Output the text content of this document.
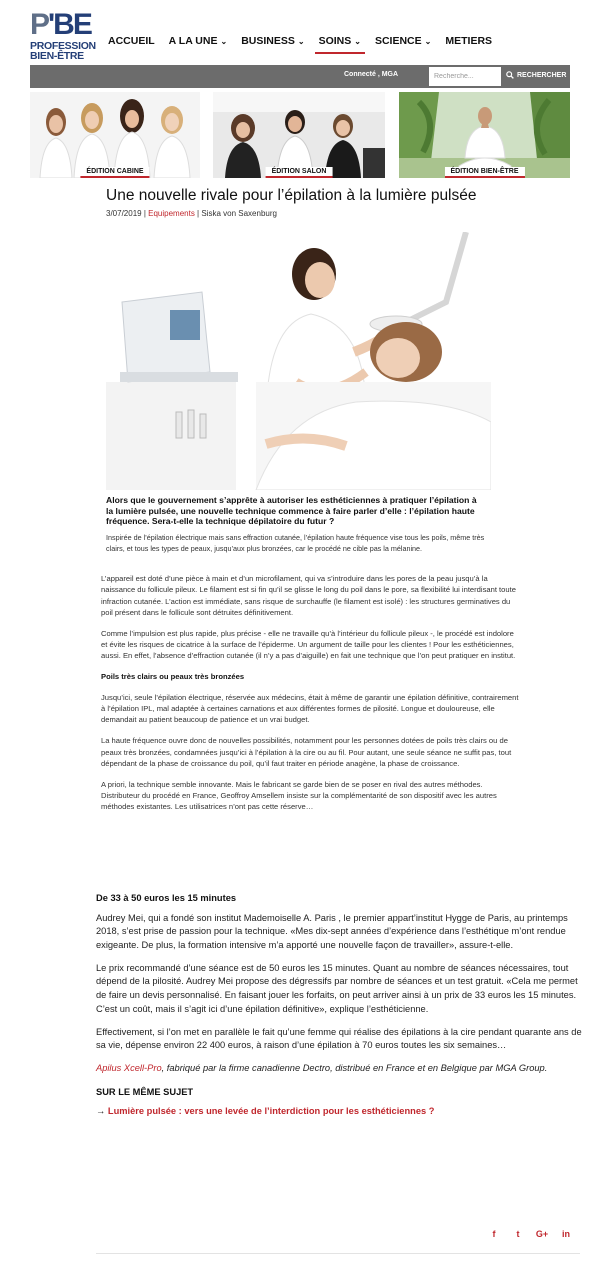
P'BE
PROFESSION
BIEN-ÊTRE
ACCUEIL A LA UNE ⌄ BUSINESS ⌄ SOINS ⌄ SCIENCE ⌄ METIERS
Connecté , MGA
Recherche...	RECHERCHER
ÉDITION CABINE	ÉDITION SALON	ÉDITION BIEN-ÊTRE
Une nouvelle rivale pour l’épilation à la lumière pulsée
3/07/2019 | Equipements | Siska von Saxenburg
Alors que le gouvernement s’apprête à autoriser les esthéticiennes à pratiquer l’épilation à la lumière pulsée, une nouvelle technique commence à faire parler d’elle : l’épilation haute fréquence. Sera-t-elle la technique dépilatoire du futur ?
Inspirée de l’épilation électrique mais sans effraction cutanée, l’épilation haute fréquence vise tous les poils, même très clairs, et tous les types de peaux, jusqu’aux plus bronzées, car le procédé ne cible pas la mélanine.

L’appareil est doté d’une pièce à main et d’un microfilament, qui va s’introduire dans les pores de la peau jusqu’à la naissance du follicule pileux. Le filament est si fin qu’il se glisse le long du poil dans le pore, sa flexibilité lui interdisant toute infraction cutanée. L’action est immédiate, sans risque de surchauffe (le filament est isolé) : les structures germinatives du poil présent dans le follicule sont détruites définitivement.

Comme l’impulsion est plus rapide, plus précise - elle ne travaille qu’à l’intérieur du follicule pileux -, le procédé est indolore et évite les risques de cicatrice à la surface de l’épiderme. Un argument de taille pour les clientes ! Pour les esthéticiennes, aussi. En effet, l’absence d’effraction cutanée (il n’y a pas d’aiguille) en fait une technique que l’on peut pratiquer en institut.

Poils très clairs ou peaux très bronzées

Jusqu’ici, seule l’épilation électrique, réservée aux médecins, était à même de garantir une épilation définitive, contrairement à l’épilation IPL, mal adaptée à certaines carnations et aux différentes formes de pilosité. Longue et douloureuse, elle demandait au patient beaucoup de patience et un vrai budget.

La haute fréquence ouvre donc de nouvelles possibilités, notamment pour les personnes dotées de poils très clairs ou de peaux très bronzées, condamnées jusqu’ici à l’épilation à la cire ou au fil. Pour autant, une seule séance ne suffit pas, tout dépendant de la phase de croissance du poil, qu’il faut traiter en période anagène, la phase de croissance.

A priori, la technique semble innovante. Mais le fabricant se garde bien de se poser en rival des autres méthodes. Distributeur du procédé en France, Geoffroy Amsellem insiste sur la complémentarité de son dispositif avec les autres méthodes existantes. Les utilisatrices n’ont pas cette réserve…

De 33 à 50 euros les 15 minutes

Audrey Mei, qui a fondé son institut Mademoiselle A. Paris , le premier appart’institut Hygge de Paris, au printemps 2018, s’est prise de passion pour la technique. «Mes dix-sept années d’expérience dans l’esthétique m’ont rendue exigeante. De plus, la formation intensive m’a apporté une nouvelle façon de travailler», assure-t-elle.

Le prix recommandé d’une séance est de 50 euros les 15 minutes. Quant au nombre de séances nécessaires, tout dépend de la pilosité. Audrey Mei propose des dégressifs par nombre de séances et un test gratuit. «Cela me permet de faire un devis personnalisé. En faisant jouer les forfaits, on peut arriver ainsi à un prix de 33 euros les 15 minutes. C’est un coût, mais il s’agit ici d’une épilation définitive», explique l’esthéticienne.

Effectivement, si l’on met en parallèle le fait qu’une femme qui réalise des épilations à la cire pendant quarante ans de sa vie, dépense environ 22 400 euros, à raison d’une épilation à 70 euros toutes les six semaines…

Apilus Xcell-Pro, fabriqué par la firme canadienne Dectro, distribué en France et en Belgique par MGA Group.

SUR LE MÊME SUJET

→ Lumière pulsée : vers une levée de l’interdiction pour les esthéticiennes ?

f	t	G+	in
